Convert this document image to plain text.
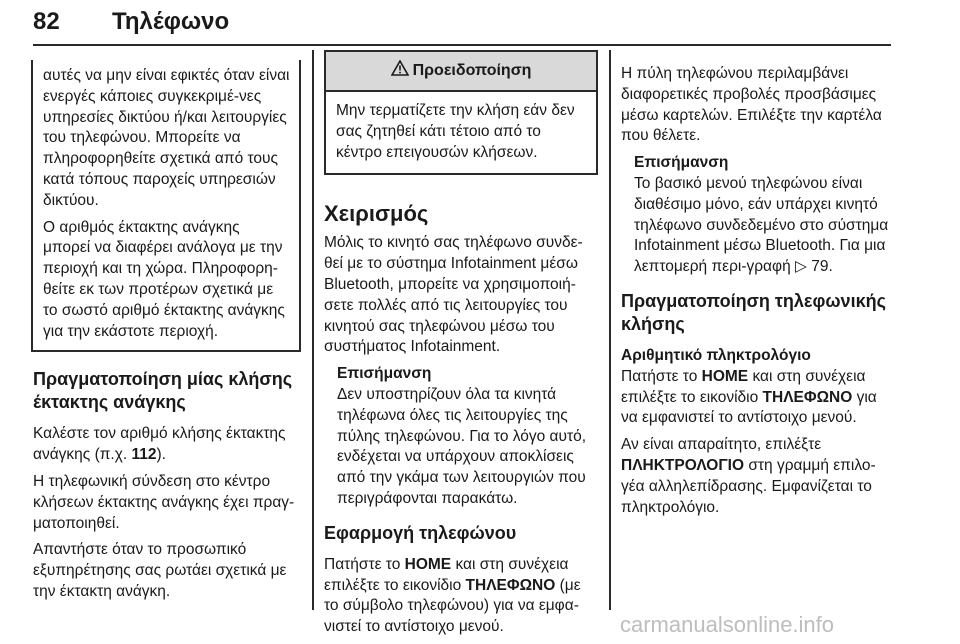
82 Τηλέφωνο

αυτές να μην είναι εφικτές όταν είναι ενεργές κάποιες συγκεκριμέ-νες υπηρεσίες δικτύου ή/και λειτουργίες του τηλεφώνου. Μπορείτε να πληροφορηθείτε σχετικά από τους κατά τόπους παροχείς υπηρεσιών δικτύου.

Ο αριθμός έκτακτης ανάγκης μπορεί να διαφέρει ανάλογα με την περιοχή και τη χώρα. Πληροφορη-θείτε εκ των προτέρων σχετικά με το σωστό αριθμό έκτακτης ανάγκης για την εκάστοτε περιοχή.

Πραγματοποίηση μίας κλήσης έκτακτης ανάγκης

Καλέστε τον αριθμό κλήσης έκτακτης ανάγκης (π.χ. 112).

Η τηλεφωνική σύνδεση στο κέντρο κλήσεων έκτακτης ανάγκης έχει πραγ-ματοποιηθεί.

Απαντήστε όταν το προσωπικό εξυπηρέτησης σας ρωτάει σχετικά με την έκτακτη ανάγκη.

Προειδοποίηση
Μην τερματίζετε την κλήση εάν δεν σας ζητηθεί κάτι τέτοιο από το κέντρο επειγουσών κλήσεων.
Χειρισμός

Μόλις το κινητό σας τηλέφωνο συνδε-θεί με το σύστημα Infotainment μέσω Bluetooth, μπορείτε να χρησιμοποιή-σετε πολλές από τις λειτουργίες του κινητού σας τηλεφώνου μέσω του συστήματος Infotainment.

Επισήμανση
Δεν υποστηρίζουν όλα τα κινητά τηλέφωνα όλες τις λειτουργίες της πύλης τηλεφώνου. Για το λόγο αυτό, ενδέχεται να υπάρχουν αποκλίσεις από την γκάμα των λειτουργιών που περιγράφονται παρακάτω.
Εφαρμογή τηλεφώνου

Πατήστε το HOME και στη συνέχεια επιλέξτε το εικονίδιο ΤΗΛΕΦΩΝΟ (με το σύμβολο τηλεφώνου) για να εμφα-νιστεί το αντίστοιχο μενού.

Η πύλη τηλεφώνου περιλαμβάνει διαφορετικές προβολές προσβάσιμες μέσω καρτελών. Επιλέξτε την καρτέλα που θέλετε.

Επισήμανση
Το βασικό μενού τηλεφώνου είναι διαθέσιμο μόνο, εάν υπάρχει κινητό τηλέφωνο συνδεδεμένο στο σύστημα Infotainment μέσω Bluetooth. Για μια λεπτομερή περι-γραφή ▷ 79.
Πραγματοποίηση τηλεφωνικής κλήσης
Αριθμητικό πληκτρολόγιο

Πατήστε το HOME και στη συνέχεια επιλέξτε το εικονίδιο ΤΗΛΕΦΩΝΟ για να εμφανιστεί το αντίστοιχο μενού.

Αν είναι απαραίτητο, επιλέξτε ΠΛΗΚΤΡΟΛΟΓΙΟ στη γραμμή επιλο-γέα αλληλεπίδρασης. Εμφανίζεται το πληκτρολόγιο.

carmanualsonline.info
